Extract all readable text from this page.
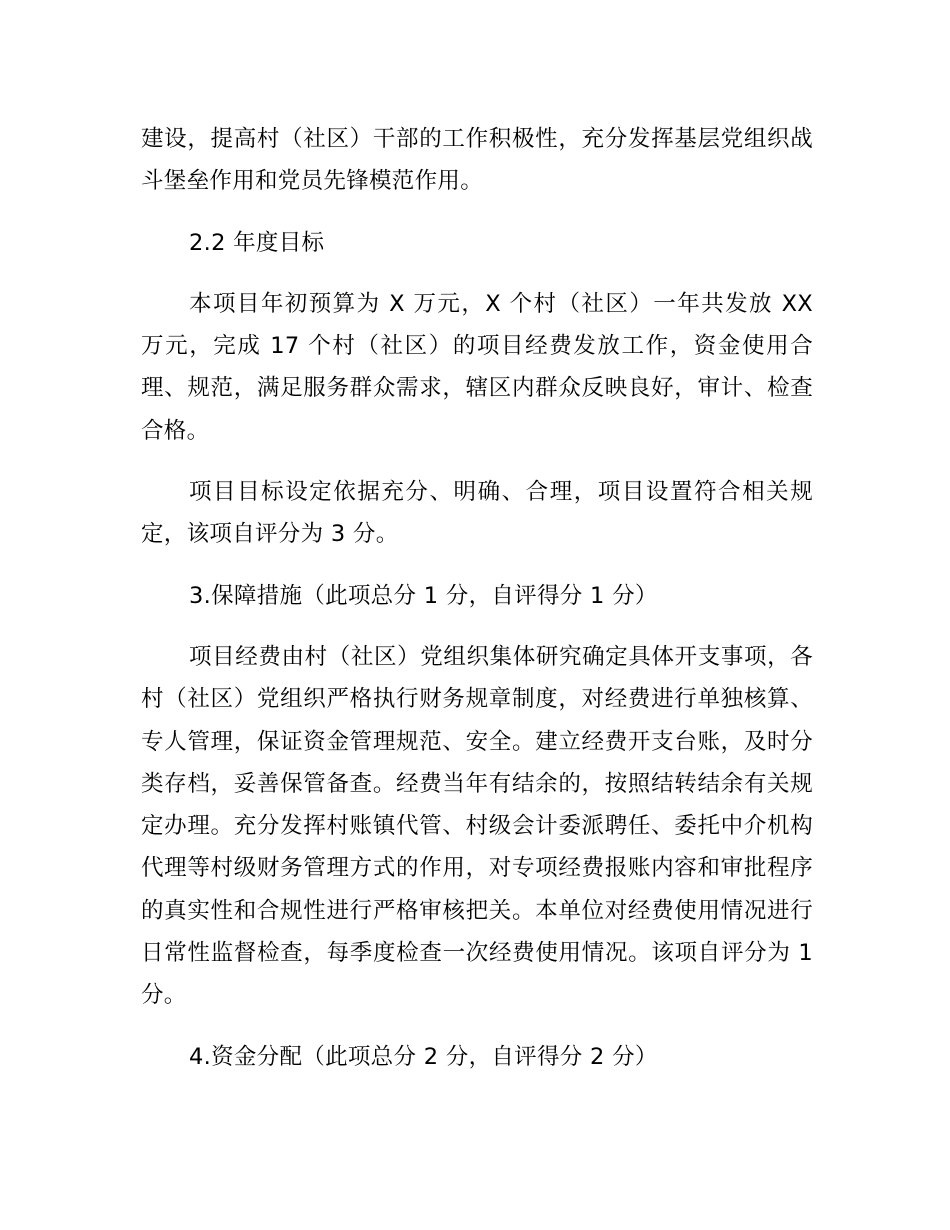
建设，提高村（社区）干部的工作积极性，充分发挥基层党组织战斗堡垒作用和党员先锋模范作用。

2.2 年度目标

本项目年初预算为 X 万元，X 个村（社区）一年共发放 XX 万元，完成 17 个村（社区）的项目经费发放工作，资金使用合理、规范，满足服务群众需求，辖区内群众反映良好，审计、检查合格。

项目目标设定依据充分、明确、合理，项目设置符合相关规定，该项自评分为 3 分。

3.保障措施（此项总分 1 分，自评得分 1 分）

项目经费由村（社区）党组织集体研究确定具体开支事项，各村（社区）党组织严格执行财务规章制度，对经费进行单独核算、专人管理，保证资金管理规范、安全。建立经费开支台账，及时分类存档，妥善保管备查。经费当年有结余的，按照结转结余有关规定办理。充分发挥村账镇代管、村级会计委派聘任、委托中介机构代理等村级财务管理方式的作用，对专项经费报账内容和审批程序的真实性和合规性进行严格审核把关。本单位对经费使用情况进行日常性监督检查，每季度检查一次经费使用情况。该项自评分为 1 分。

4.资金分配（此项总分 2 分，自评得分 2 分）
